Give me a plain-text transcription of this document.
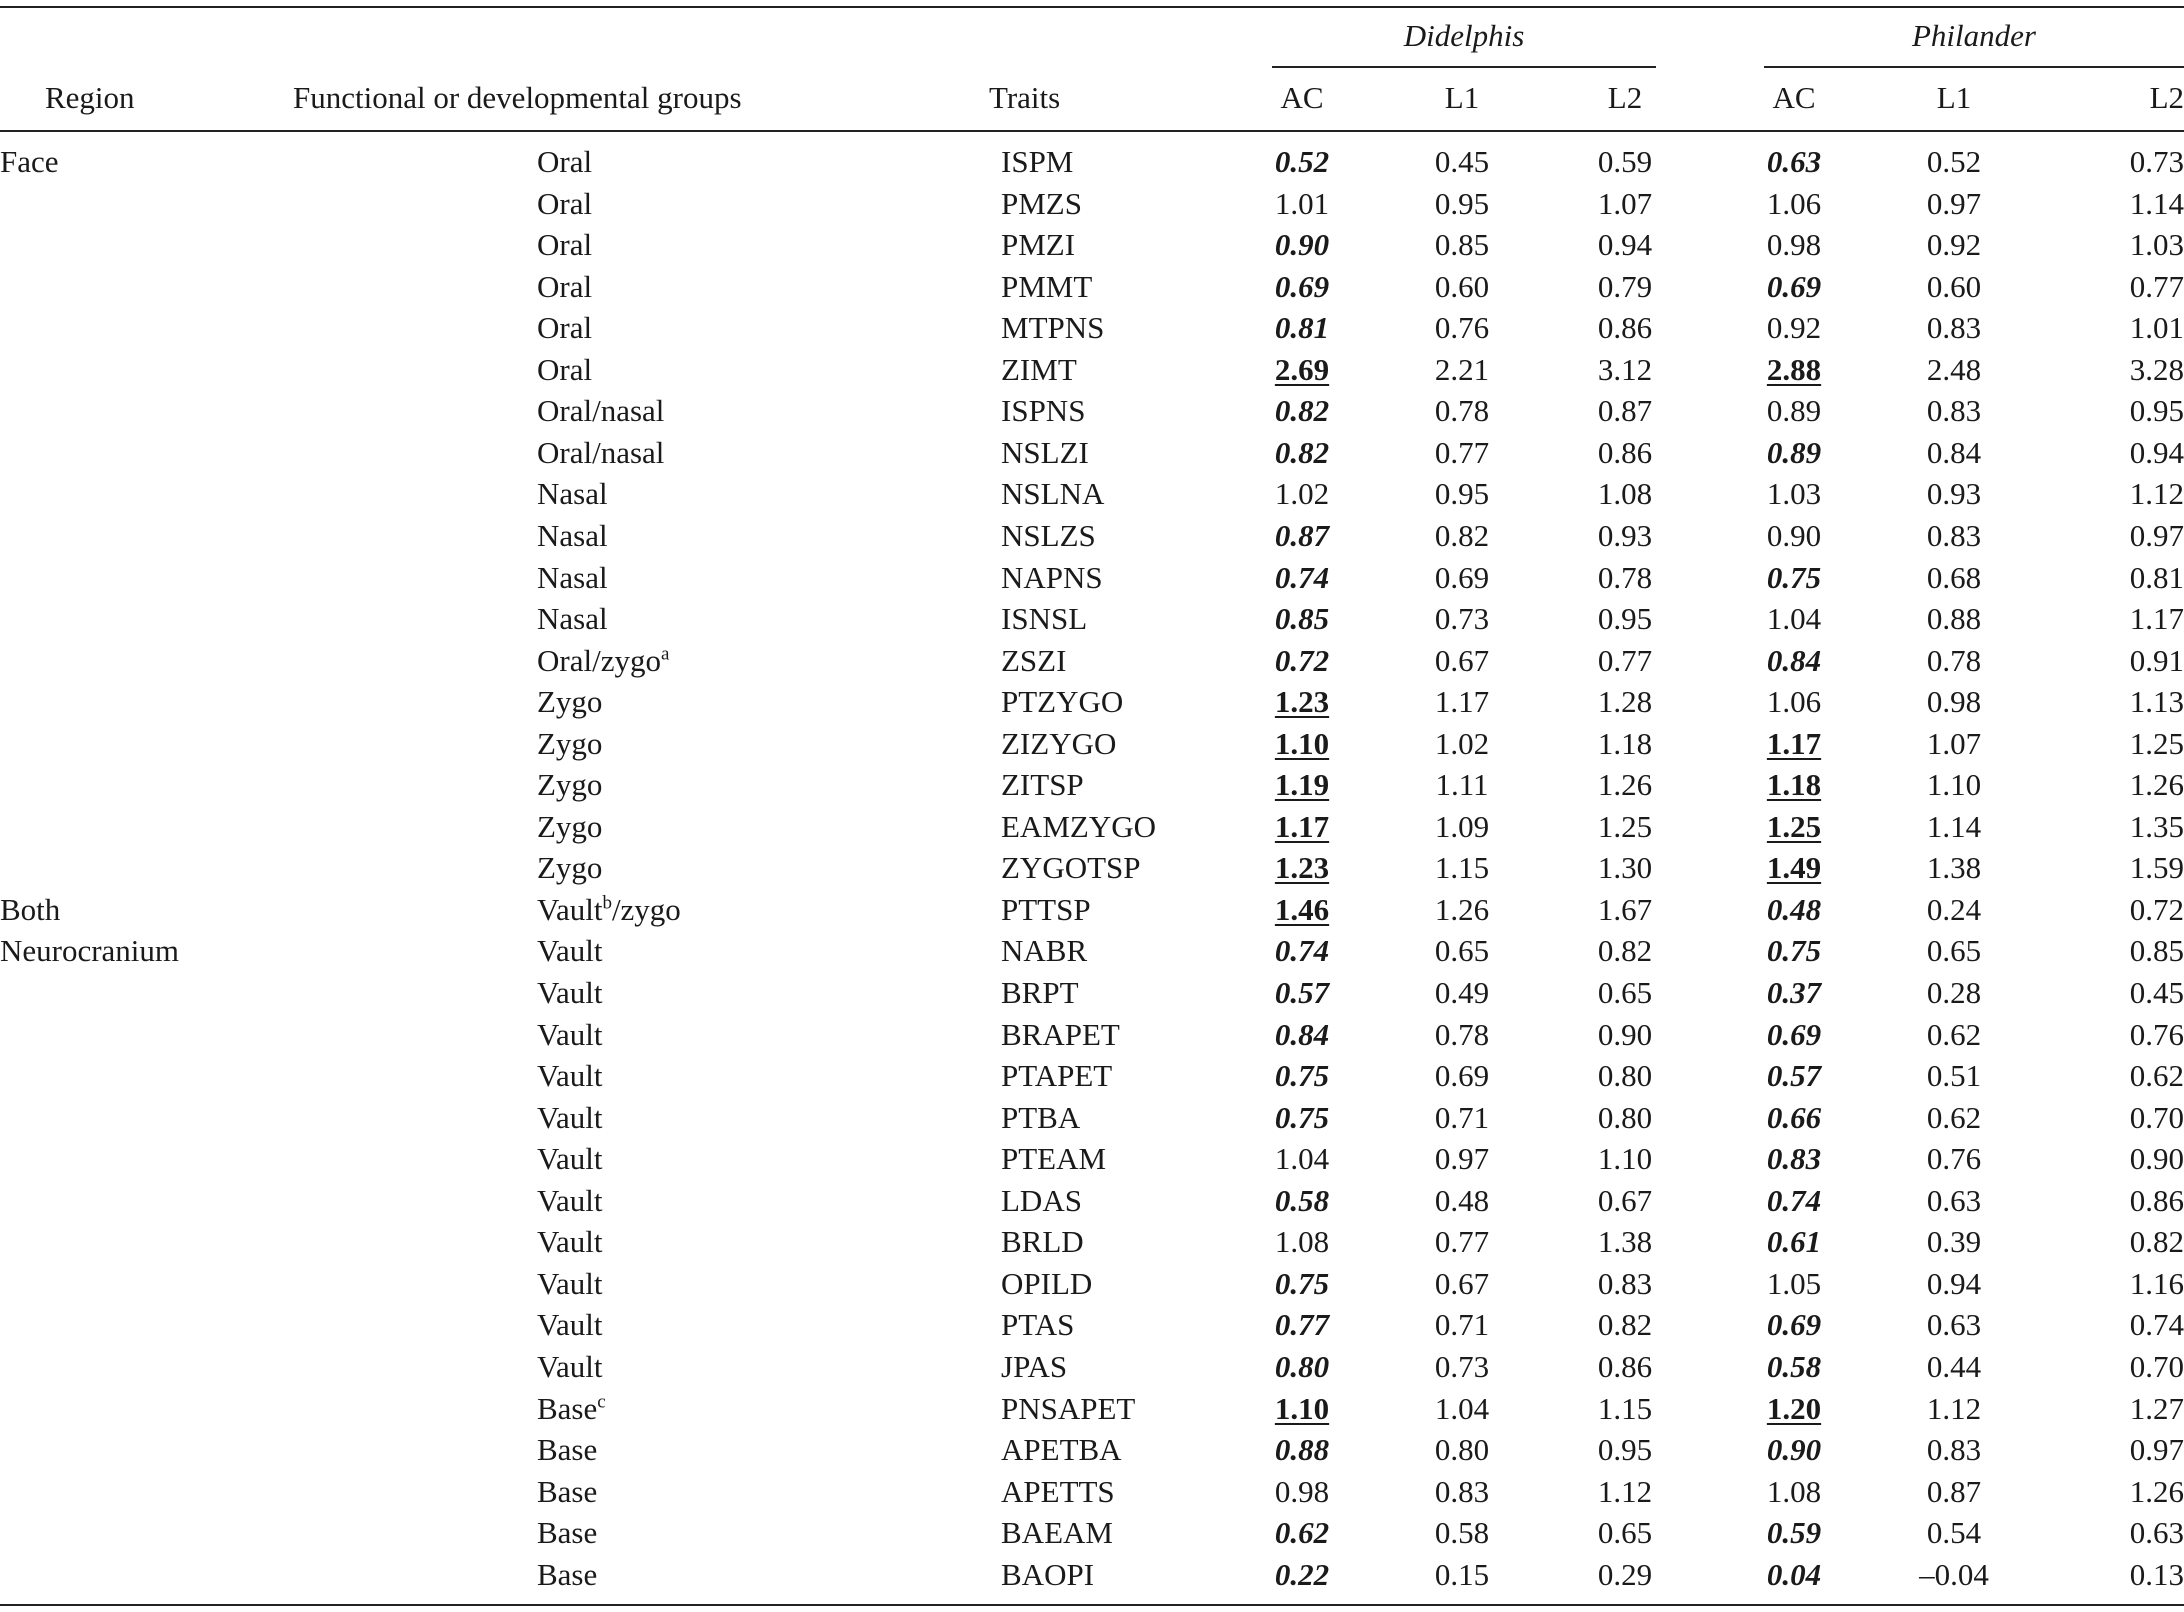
Didelphis	Philander
Region	Functional or developmental groups	Traits	AC	L1	L2	AC	L1	L2
Face	Oral	ISPM	0.52	0.45	0.59	0.63	0.52	0.73
Oral	PMZS	1.01	0.95	1.07	1.06	0.97	1.14
Oral	PMZI	0.90	0.85	0.94	0.98	0.92	1.03
Oral	PMMT	0.69	0.60	0.79	0.69	0.60	0.77
Oral	MTPNS	0.81	0.76	0.86	0.92	0.83	1.01
Oral	ZIMT	2.69	2.21	3.12	2.88	2.48	3.28
Oral/nasal	ISPNS	0.82	0.78	0.87	0.89	0.83	0.95
Oral/nasal	NSLZI	0.82	0.77	0.86	0.89	0.84	0.94
Nasal	NSLNA	1.02	0.95	1.08	1.03	0.93	1.12
Nasal	NSLZS	0.87	0.82	0.93	0.90	0.83	0.97
Nasal	NAPNS	0.74	0.69	0.78	0.75	0.68	0.81
Nasal	ISNSL	0.85	0.73	0.95	1.04	0.88	1.17
Oral/zygo$^a$	ZSZI	0.72	0.67	0.77	0.84	0.78	0.91
Zygo	PTZYGO	1.23	1.17	1.28	1.06	0.98	1.13
Zygo	ZIZYGO	1.10	1.02	1.18	1.17	1.07	1.25
Zygo	ZITSP	1.19	1.11	1.26	1.18	1.10	1.26
Zygo	EAMZYGO	1.17	1.09	1.25	1.25	1.14	1.35
Zygo	ZYGOTSP	1.23	1.15	1.30	1.49	1.38	1.59
Both	Vault$^b$/zygo	PTTSP	1.46	1.26	1.67	0.48	0.24	0.72
Neurocranium	Vault	NABR	0.74	0.65	0.82	0.75	0.65	0.85
Vault	BRPT	0.57	0.49	0.65	0.37	0.28	0.45
Vault	BRAPET	0.84	0.78	0.90	0.69	0.62	0.76
Vault	PTAPET	0.75	0.69	0.80	0.57	0.51	0.62
Vault	PTBA	0.75	0.71	0.80	0.66	0.62	0.70
Vault	PTEAM	1.04	0.97	1.10	0.83	0.76	0.90
Vault	LDAS	0.58	0.48	0.67	0.74	0.63	0.86
Vault	BRLD	1.08	0.77	1.38	0.61	0.39	0.82
Vault	OPILD	0.75	0.67	0.83	1.05	0.94	1.16
Vault	PTAS	0.77	0.71	0.82	0.69	0.63	0.74
Vault	JPAS	0.80	0.73	0.86	0.58	0.44	0.70
Base$^c$	PNSAPET	1.10	1.04	1.15	1.20	1.12	1.27
Base	APETBA	0.88	0.80	0.95	0.90	0.83	0.97
Base	APETTS	0.98	0.83	1.12	1.08	0.87	1.26
Base	BAEAM	0.62	0.58	0.65	0.59	0.54	0.63
Base	BAOPI	0.22	0.15	0.29	0.04	–0.04	0.13
